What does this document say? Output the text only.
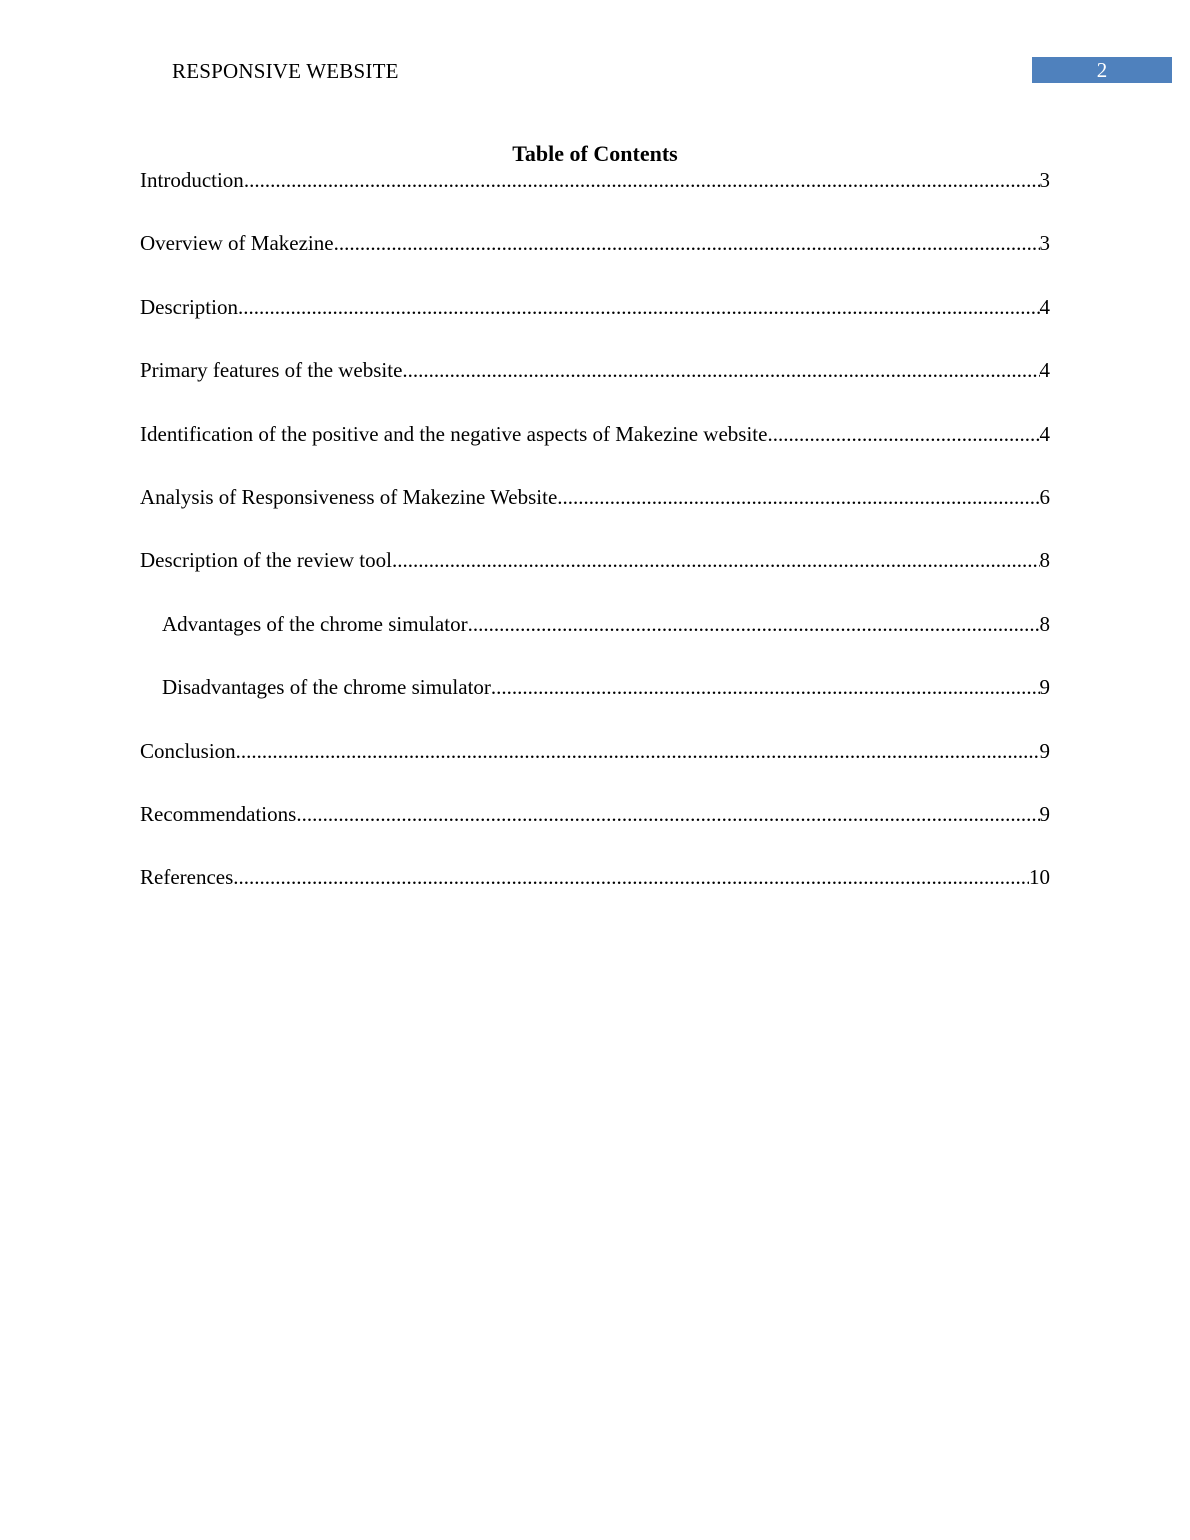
RESPONSIVE WEBSITE	2
Table of Contents
Introduction .....	3
Overview of Makezine .....	3
Description .....	4
Primary features of the website .....	4
Identification of the positive and the negative aspects of Makezine website .....	4
Analysis of Responsiveness of Makezine Website .....	6
Description of the review tool .....	8
Advantages of the chrome simulator .....	8
Disadvantages of the chrome simulator .....	9
Conclusion .....	9
Recommendations .....	9
References .....	10
